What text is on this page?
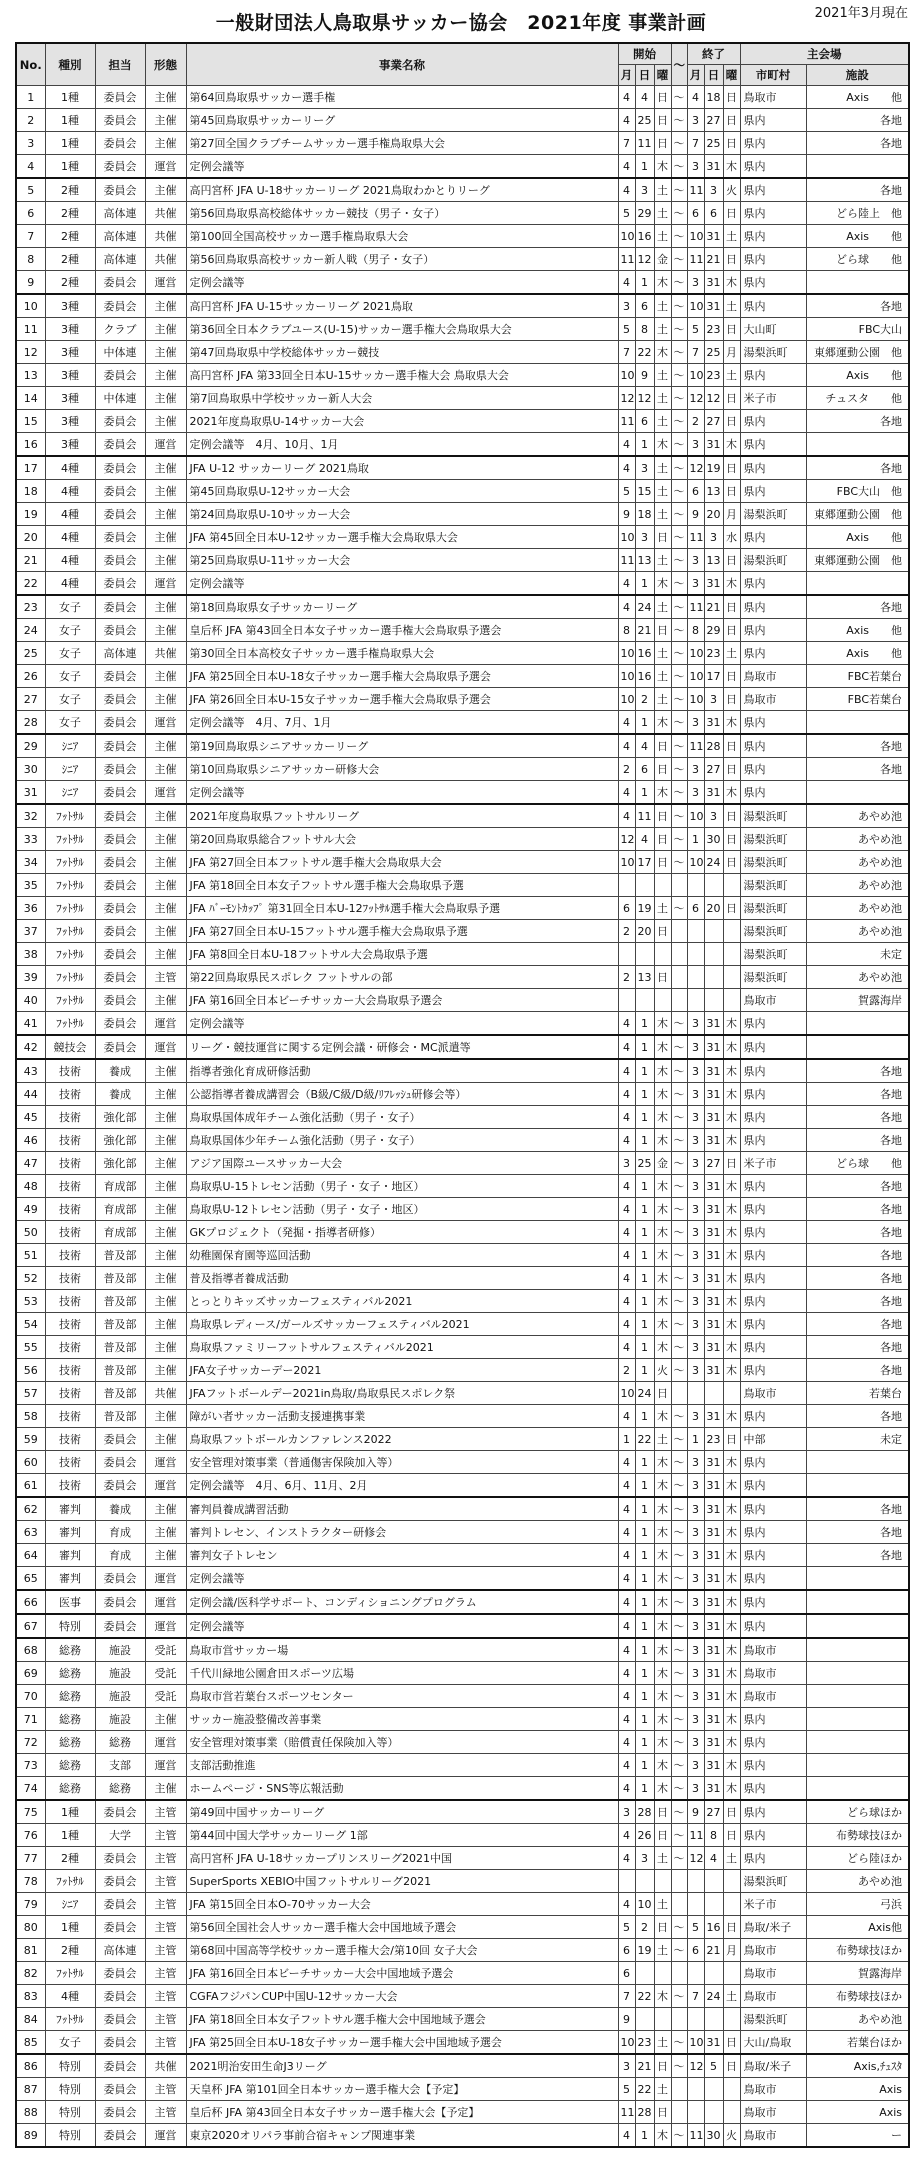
一般財団法人鳥取県サッカー協会　2021年度 事業計画	2021年3月現在
No.	種別	担当	形態	事業名称	開始			～	終了			主会場	
					月	日	曜		月	日	曜	市町村	施設
1	1種	委員会	主催	第64回鳥取県サッカー選手権	4	4	日	～	4	18	日	鳥取市	Axis　　他
2	1種	委員会	主催	第45回鳥取県サッカーリーグ	4	25	日	～	3	27	日	県内	各地
3	1種	委員会	主催	第27回全国クラブチームサッカー選手権鳥取県大会	7	11	日	～	7	25	日	県内	各地
4	1種	委員会	運営	定例会議等	4	1	木	～	3	31	木	県内	
5	2種	委員会	主催	高円宮杯 JFA U-18サッカーリーグ 2021鳥取わかとりリーグ	4	3	土	～	11	3	火	県内	各地
6	2種	高体連	共催	第56回鳥取県高校総体サッカー競技（男子・女子）	5	29	土	～	6	6	日	県内	どら陸上　他
7	2種	高体連	共催	第100回全国高校サッカー選手権鳥取県大会	10	16	土	～	10	31	土	県内	Axis　　他
8	2種	高体連	共催	第56回鳥取県高校サッカー新人戦（男子・女子）	11	12	金	～	11	21	日	県内	どら球　　他
9	2種	委員会	運営	定例会議等	4	1	木	～	3	31	木	県内	
10	3種	委員会	主催	高円宮杯 JFA U-15サッカーリーグ 2021鳥取	3	6	土	～	10	31	土	県内	各地
11	3種	クラブ	主催	第36回全日本クラブユース(U-15)サッカー選手権大会鳥取県大会	5	8	土	～	5	23	日	大山町	FBC大山
12	3種	中体連	主催	第47回鳥取県中学校総体サッカー競技	7	22	木	～	7	25	月	湯梨浜町	東郷運動公園　他
13	3種	委員会	主催	高円宮杯 JFA 第33回全日本U-15サッカー選手権大会 鳥取県大会	10	9	土	～	10	23	土	県内	Axis　　他
14	3種	中体連	主催	第7回鳥取県中学校サッカー新人大会	12	12	土	～	12	12	日	米子市	チュスタ　　他
15	3種	委員会	主催	2021年度鳥取県U-14サッカー大会	11	6	土	～	2	27	日	県内	各地
16	3種	委員会	運営	定例会議等　4月、10月、1月	4	1	木	～	3	31	木	県内	
17	4種	委員会	主催	JFA U-12 サッカーリーグ 2021鳥取	4	3	土	～	12	19	日	県内	各地
18	4種	委員会	主催	第45回鳥取県U-12サッカー大会	5	15	土	～	6	13	日	県内	FBC大山　他
19	4種	委員会	主催	第24回鳥取県U-10サッカー大会	9	18	土	～	9	20	月	湯梨浜町	東郷運動公園　他
20	4種	委員会	主催	JFA 第45回全日本U-12サッカー選手権大会鳥取県大会	10	3	日	～	11	3	水	県内	Axis　　他
21	4種	委員会	主催	第25回鳥取県U-11サッカー大会	11	13	土	～	3	13	日	湯梨浜町	東郷運動公園　他
22	4種	委員会	運営	定例会議等	4	1	木	～	3	31	木	県内	
23	女子	委員会	主催	第18回鳥取県女子サッカーリーグ	4	24	土	～	11	21	日	県内	各地
24	女子	委員会	主催	皇后杯 JFA 第43回全日本女子サッカー選手権大会鳥取県予選会	8	21	日	～	8	29	日	県内	Axis　　他
25	女子	高体連	共催	第30回全日本高校女子サッカー選手権鳥取県大会	10	16	土	～	10	23	土	県内	Axis　　他
26	女子	委員会	主催	JFA 第25回全日本U-18女子サッカー選手権大会鳥取県予選会	10	16	土	～	10	17	日	鳥取市	FBC若葉台
27	女子	委員会	主催	JFA 第26回全日本U-15女子サッカー選手権大会鳥取県予選会	10	2	土	～	10	3	日	鳥取市	FBC若葉台
28	女子	委員会	運営	定例会議等　4月、7月、1月	4	1	木	～	3	31	木	県内	
29	ｼﾆｱ	委員会	主催	第19回鳥取県シニアサッカーリーグ	4	4	日	～	11	28	日	県内	各地
30	ｼﾆｱ	委員会	主催	第10回鳥取県シニアサッカー研修大会	2	6	日	～	3	27	日	県内	各地
31	ｼﾆｱ	委員会	運営	定例会議等	4	1	木	～	3	31	木	県内	
32	ﾌｯﾄｻﾙ	委員会	主催	2021年度鳥取県フットサルリーグ	4	11	日	～	10	3	日	湯梨浜町	あやめ池
33	ﾌｯﾄｻﾙ	委員会	主催	第20回鳥取県総合フットサル大会	12	4	日	～	1	30	日	湯梨浜町	あやめ池
34	ﾌｯﾄｻﾙ	委員会	主催	JFA 第27回全日本フットサル選手権大会鳥取県大会	10	17	日	～	10	24	日	湯梨浜町	あやめ池
35	ﾌｯﾄｻﾙ	委員会	主催	JFA 第18回全日本女子フットサル選手権大会鳥取県予選								湯梨浜町	あやめ池
36	ﾌｯﾄｻﾙ	委員会	主催	JFA ﾊﾞｰﾓﾝﾄｶｯﾌﾟ 第31回全日本U-12ﾌｯﾄｻﾙ選手権大会鳥取県予選	6	19	土	～	6	20	日	湯梨浜町	あやめ池
37	ﾌｯﾄｻﾙ	委員会	主催	JFA 第27回全日本U-15フットサル選手権大会鳥取県予選	2	20	日					湯梨浜町	あやめ池
38	ﾌｯﾄｻﾙ	委員会	主催	JFA 第8回全日本U-18フットサル大会鳥取県予選								湯梨浜町	未定
39	ﾌｯﾄｻﾙ	委員会	主管	第22回鳥取県民スポレク フットサルの部	2	13	日					湯梨浜町	あやめ池
40	ﾌｯﾄｻﾙ	委員会	主催	JFA 第16回全日本ビーチサッカー大会鳥取県予選会								鳥取市	賀露海岸
41	ﾌｯﾄｻﾙ	委員会	運営	定例会議等	4	1	木	～	3	31	木	県内	
42	競技会	委員会	運営	リーグ・競技運営に関する定例会議・研修会・MC派遣等	4	1	木	～	3	31	木	県内	
43	技術	養成	主催	指導者強化育成研修活動	4	1	木	～	3	31	木	県内	各地
44	技術	養成	主催	公認指導者養成講習会（B級/C級/D級/ﾘﾌﾚｯｼｭ研修会等）	4	1	木	～	3	31	木	県内	各地
45	技術	強化部	主催	鳥取県国体成年チーム強化活動（男子・女子）	4	1	木	～	3	31	木	県内	各地
46	技術	強化部	主催	鳥取県国体少年チーム強化活動（男子・女子）	4	1	木	～	3	31	木	県内	各地
47	技術	強化部	主催	アジア国際ユースサッカー大会	3	25	金	～	3	27	日	米子市	どら球　　他
48	技術	育成部	主催	鳥取県U-15トレセン活動（男子・女子・地区）	4	1	木	～	3	31	木	県内	各地
49	技術	育成部	主催	鳥取県U-12トレセン活動（男子・女子・地区）	4	1	木	～	3	31	木	県内	各地
50	技術	育成部	主催	GKプロジェクト（発掘・指導者研修）	4	1	木	～	3	31	木	県内	各地
51	技術	普及部	主催	幼稚園保育園等巡回活動	4	1	木	～	3	31	木	県内	各地
52	技術	普及部	主催	普及指導者養成活動	4	1	木	～	3	31	木	県内	各地
53	技術	普及部	主催	とっとりキッズサッカーフェスティバル2021	4	1	木	～	3	31	木	県内	各地
54	技術	普及部	主催	鳥取県レディース/ガールズサッカーフェスティバル2021	4	1	木	～	3	31	木	県内	各地
55	技術	普及部	主催	鳥取県ファミリーフットサルフェスティバル2021	4	1	木	～	3	31	木	県内	各地
56	技術	普及部	主催	JFA女子サッカーデー2021	2	1	火	～	3	31	木	県内	各地
57	技術	普及部	共催	JFAフットボールデー2021in鳥取/鳥取県民スポレク祭	10	24	日					鳥取市	若葉台
58	技術	普及部	主催	障がい者サッカー活動支援連携事業	4	1	木	～	3	31	木	県内	各地
59	技術	委員会	主催	鳥取県フットボールカンファレンス2022	1	22	土	～	1	23	日	中部	未定
60	技術	委員会	運営	安全管理対策事業（普通傷害保険加入等）	4	1	木	～	3	31	木	県内	
61	技術	委員会	運営	定例会議等　4月、6月、11月、2月	4	1	木	～	3	31	木	県内	
62	審判	養成	主催	審判員養成講習活動	4	1	木	～	3	31	木	県内	各地
63	審判	育成	主催	審判トレセン、インストラクター研修会	4	1	木	～	3	31	木	県内	各地
64	審判	育成	主催	審判女子トレセン	4	1	木	～	3	31	木	県内	各地
65	審判	委員会	運営	定例会議等	4	1	木	～	3	31	木	県内	
66	医事	委員会	運営	定例会議/医科学サポート、コンディショニングプログラム	4	1	木	～	3	31	木	県内	
67	特別	委員会	運営	定例会議等	4	1	木	～	3	31	木	県内	
68	総務	施設	受託	鳥取市営サッカー場	4	1	木	～	3	31	木	鳥取市	
69	総務	施設	受託	千代川緑地公園倉田スポーツ広場	4	1	木	～	3	31	木	鳥取市	
70	総務	施設	受託	鳥取市営若葉台スポーツセンター	4	1	木	～	3	31	木	鳥取市	
71	総務	施設	主催	サッカー施設整備改善事業	4	1	木	～	3	31	木	県内	
72	総務	総務	運営	安全管理対策事業（賠償責任保険加入等）	4	1	木	～	3	31	木	県内	
73	総務	支部	運営	支部活動推進	4	1	木	～	3	31	木	県内	
74	総務	総務	主催	ホームページ・SNS等広報活動	4	1	木	～	3	31	木	県内	
75	1種	委員会	主管	第49回中国サッカーリーグ	3	28	日	～	9	27	日	県内	どら球ほか
76	1種	大学	主管	第44回中国大学サッカーリーグ 1部	4	26	日	～	11	8	日	県内	布勢球技ほか
77	2種	委員会	主管	高円宮杯 JFA U-18サッカープリンスリーグ2021中国	4	3	土	～	12	4	土	県内	どら陸ほか
78	ﾌｯﾄｻﾙ	委員会	主管	SuperSports XEBIO中国フットサルリーグ2021								湯梨浜町	あやめ池
79	ｼﾆｱ	委員会	主管	JFA 第15回全日本O-70サッカー大会	4	10	土					米子市	弓浜
80	1種	委員会	主管	第56回全国社会人サッカー選手権大会中国地域予選会	5	2	日	～	5	16	日	鳥取/米子	Axis他
81	2種	高体連	主管	第68回中国高等学校サッカー選手権大会/第10回 女子大会	6	19	土	～	6	21	月	鳥取市	布勢球技ほか
82	ﾌｯﾄｻﾙ	委員会	主管	JFA 第16回全日本ビーチサッカー大会中国地域予選会	6							鳥取市	賀露海岸
83	4種	委員会	主管	CGFAフジパンCUP中国U-12サッカー大会	7	22	木	～	7	24	土	鳥取市	布勢球技ほか
84	ﾌｯﾄｻﾙ	委員会	主管	JFA 第18回全日本女子フットサル選手権大会中国地域予選会	9							湯梨浜町	あやめ池
85	女子	委員会	主管	JFA 第25回全日本U-18女子サッカー選手権大会中国地域予選会	10	23	土	～	10	31	日	大山/鳥取	若葉台ほか
86	特別	委員会	共催	2021明治安田生命J3リーグ	3	21	日	～	12	5	日	鳥取/米子	Axis,ﾁｭｽﾀ
87	特別	委員会	主管	天皇杯 JFA 第101回全日本サッカー選手権大会【予定】	5	22	土					鳥取市	Axis
88	特別	委員会	主管	皇后杯 JFA 第43回全日本女子サッカー選手権大会【予定】	11	28	日					鳥取市	Axis
89	特別	委員会	運営	東京2020オリパラ事前合宿キャンプ関連事業	4	1	木	～	11	30	火	鳥取市	ー
